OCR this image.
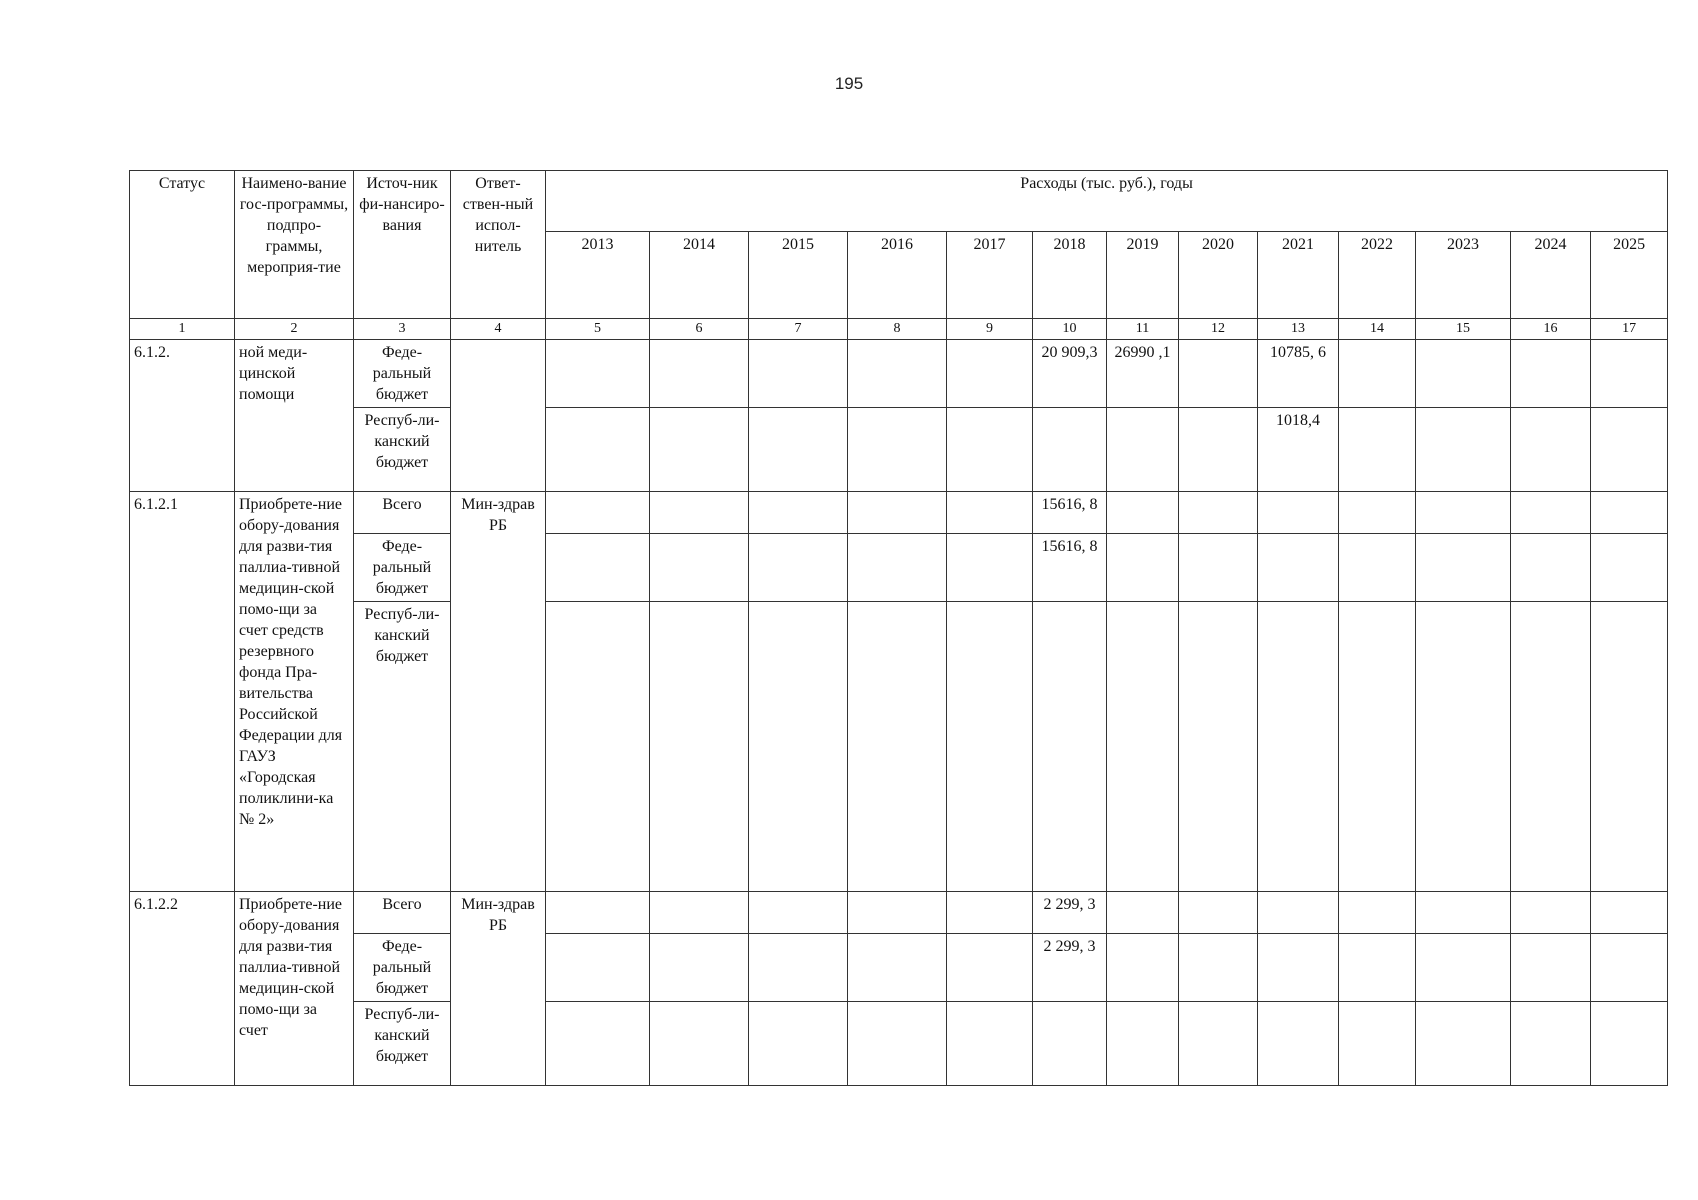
195
Статус	Наимено-вание гос-программы, подпро-граммы, мероприя-тие	Источ-ник фи-нансиро-вания	Ответ-ствен-ный испол-нитель	Расходы (тыс. руб.), годы												
				2013	2014	2015	2016	2017	2018	2019	2020	2021	2022	2023	2024	2025
1	2	3	4	5	6	7	8	9	10	11	12	13	14	15	16	17
6.1.2.	ной меди-цинской помощи	Феде-ральный бюджет							20 909,3	26990 ,1		10785, 6				
		Респуб-ли-канский бюджет										1018,4				
6.1.2.1	Приобрете-ние обору-дования для разви-тия паллиа-тивной медицин-ской помо-щи за счет средств резервного фонда Пра-вительства Российской Федерации для ГАУЗ «Городская поликлини-ка № 2»	Всего	Мин-здрав РБ						15616, 8							
		Феде-ральный бюджет							15616, 8							
		Респуб-ли-канский бюджет														
6.1.2.2	Приобрете-ние обору-дования для разви-тия паллиа-тивной медицин-ской помо-щи за счет	Всего	Мин-здрав РБ						2 299, 3							
		Феде-ральный бюджет							2 299, 3							
		Респуб-ли-канский бюджет														
